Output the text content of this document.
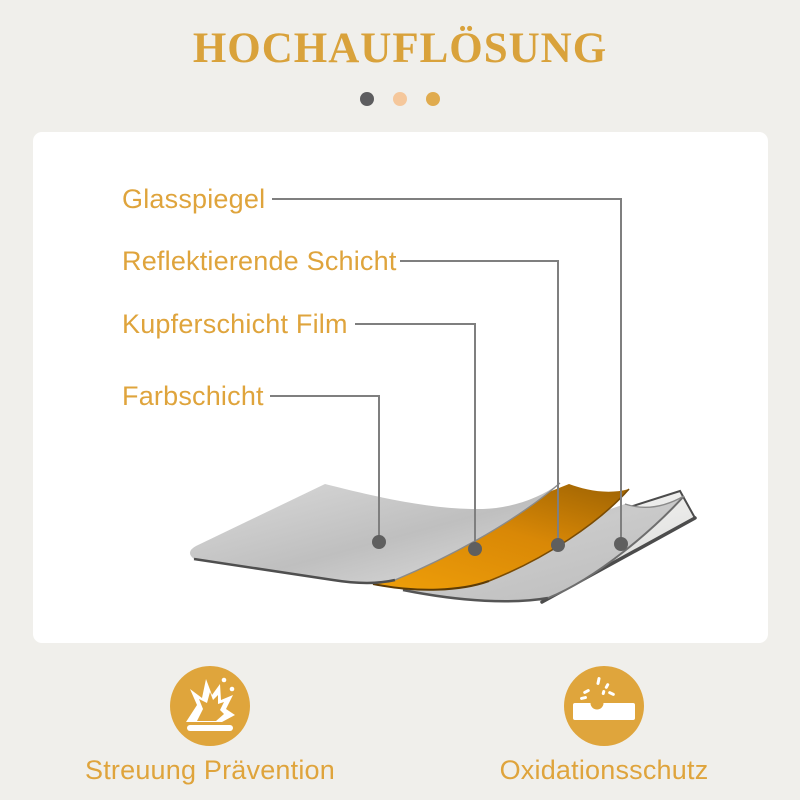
HOCHAUFLÖSUNG
Glasspiegel
Reflektierende Schicht
Kupferschicht Film
Farbschicht
Streuung Prävention	Oxidationsschutz
